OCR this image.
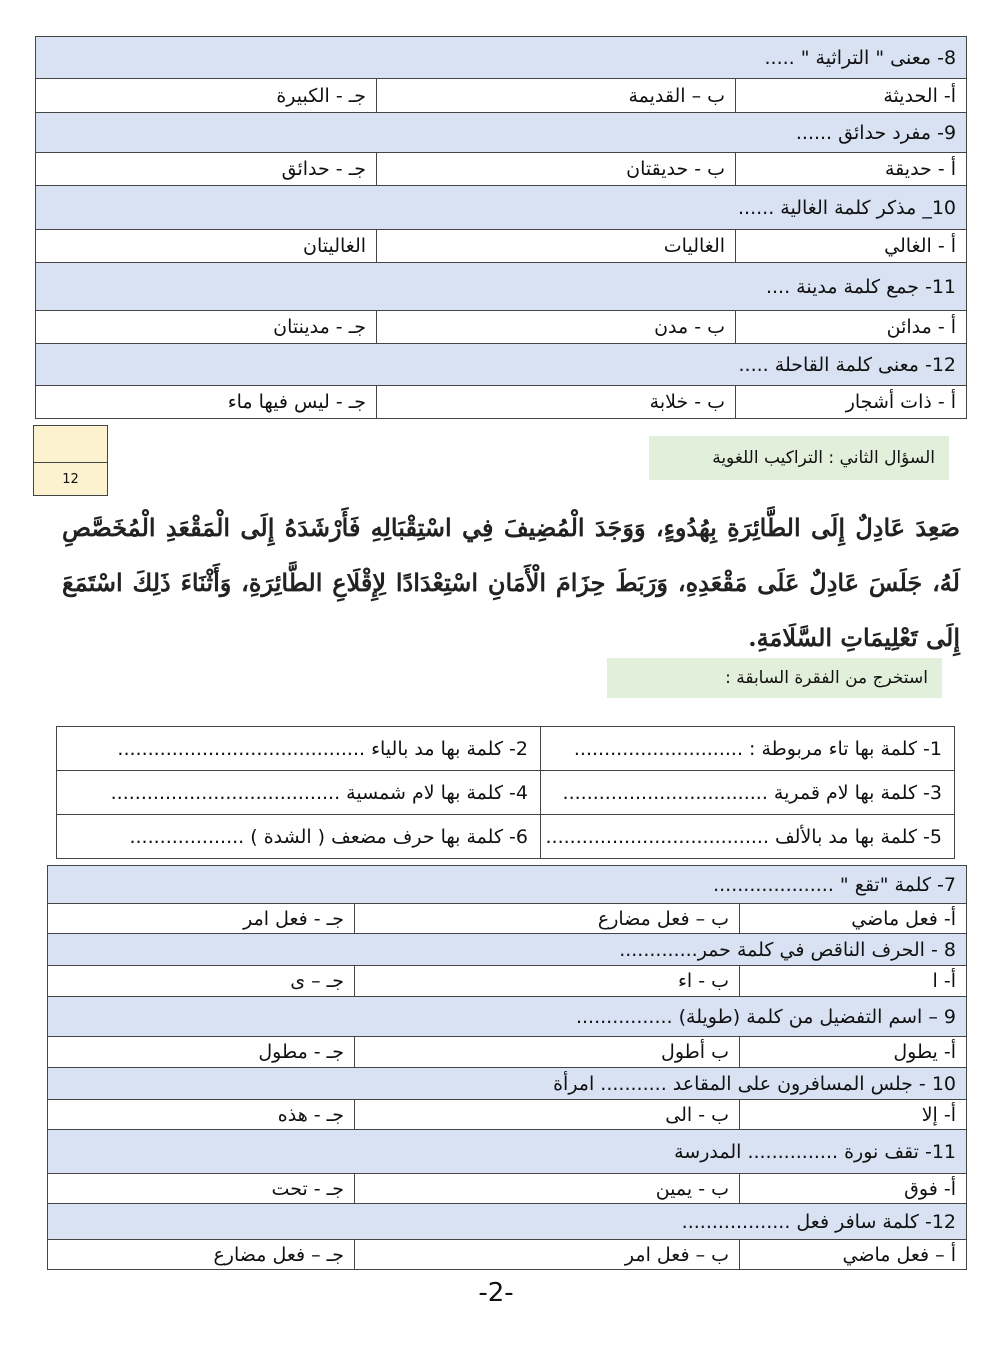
8- معنى " التراثية " .....		
أ- الحديثة	ب – القديمة	جـ - الكبيرة
9- مفرد حدائق ......		
أ - حديقة	ب - حديقتان	جـ - حدائق
10_ مذكر كلمة الغالية ......		
أ - الغالي	الغاليات	الغاليتان
11- جمع كلمة مدينة ....		
أ - مدائن	ب - مدن	جـ - مدينتان
12- معنى كلمة القاحلة .....		
أ - ذات أشجار	ب - خلابة	جـ - ليس فيها ماء
12
السؤال الثاني : التراكيب اللغوية
صَعِدَ عَادِلٌ إِلَى الطَّائِرَةِ بِهُدُوءٍ، وَوَجَدَ الْمُضِيفَ فِي اسْتِقْبَالِهِ فَأَرْشَدَهُ إِلَى الْمَقْعَدِ الْمُخَصَّصِ لَهُ، جَلَسَ عَادِلٌ عَلَى مَقْعَدِهِ، وَرَبَطَ حِزَامَ الْأَمَانِ اسْتِعْدَادًا لِإِقْلَاعِ الطَّائِرَةِ، وَأَثْنَاءَ ذَلِكَ اسْتَمَعَ إِلَى تَعْلِيمَاتِ السَّلَامَةِ.
استخرج من الفقرة السابقة :
1- كلمة بها تاء مربوطة : ............................	2- كلمة بها مد بالياء .........................................
3- كلمة بها لام قمرية ..................................	4- كلمة بها لام شمسية ......................................
5- كلمة بها مد بالألف .....................................	6- كلمة بها حرف مضعف ( الشدة ) ...................
7- كلمة "تقع " ....................		
أ- فعل ماضي	ب – فعل مضارع	جـ - فعل امر
8 - الحرف الناقص في كلمة حمر.............		
أ- ا	ب - اء	جـ – ى
9 – اسم التفضيل من كلمة (طويلة) ................		
أ- يطول	ب أطول	جـ - مطول
10 - جلس المسافرون على المقاعد ........... امرأة		
أ- إلا	ب - الى	جـ - هذه
11- تقف نورة ............... المدرسة		
أ- فوق	ب - يمين	جـ - تحت
12- كلمة سافر فعل ..................		
أ – فعل ماضي	ب – فعل امر	جـ – فعل مضارع
-2-
